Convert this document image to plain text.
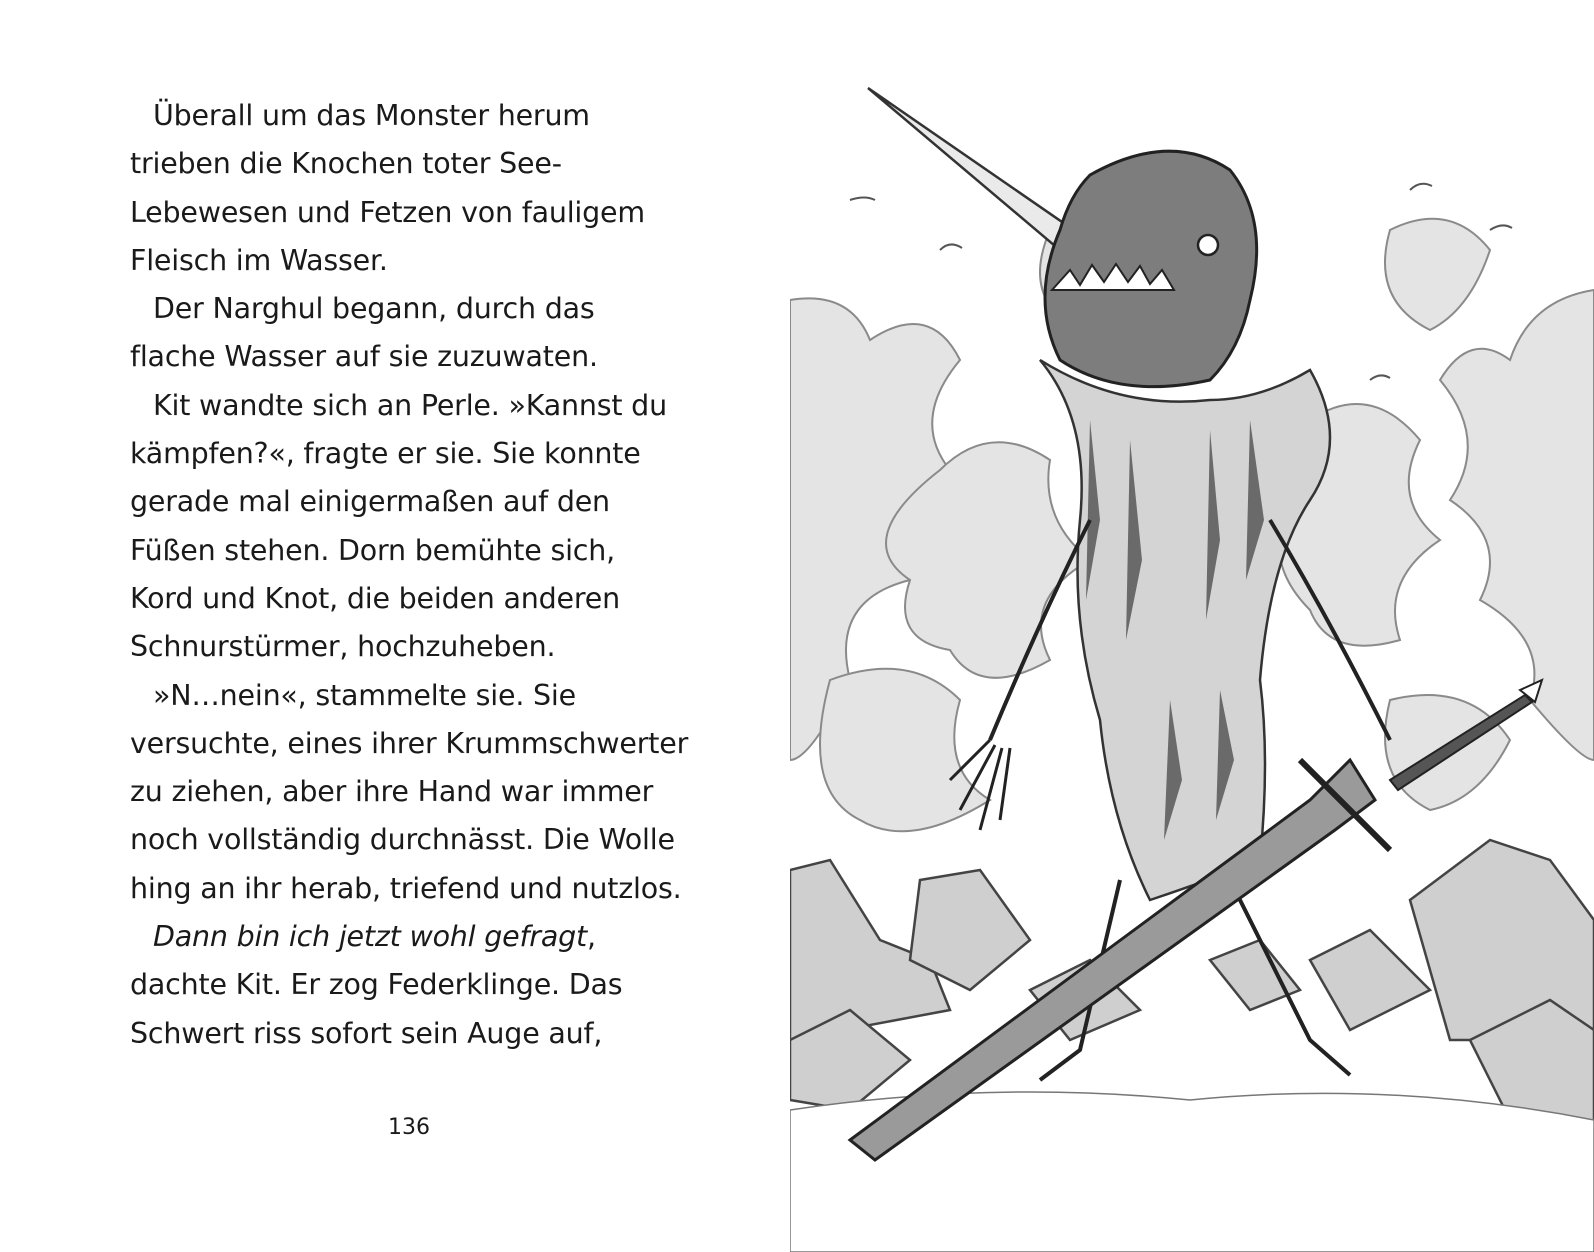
Überall um das Monster herum
trieben die Knochen toter See-
Lebewesen und Fetzen von fauligem
Fleisch im Wasser.
Der Narghul begann, durch das
flache Wasser auf sie zuzuwaten.
Kit wandte sich an Perle. »Kannst du
kämpfen?«, fragte er sie. Sie konnte
gerade mal einigermaßen auf den
Füßen stehen. Dorn bemühte sich,
Kord und Knot, die beiden anderen
Schnurstürmer, hochzuheben.
»N…nein«, stammelte sie. Sie
versuchte, eines ihrer Krummschwerter
zu ziehen, aber ihre Hand war immer
noch vollständig durchnässt. Die Wolle
hing an ihr herab, triefend und nutzlos.
Dann bin ich jetzt wohl gefragt,
dachte Kit. Er zog Federklinge. Das
Schwert riss sofort sein Auge auf,
136
